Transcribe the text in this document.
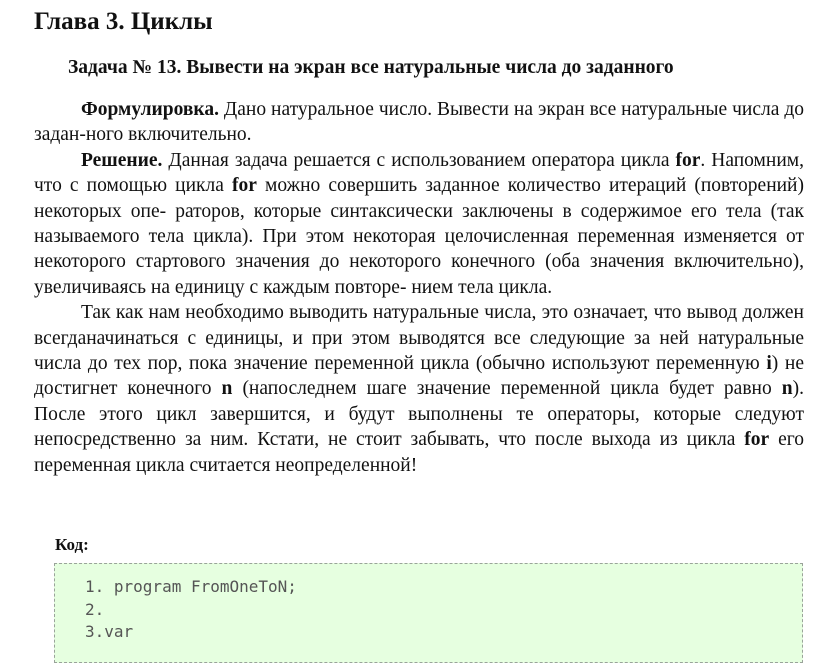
Глава 3. Циклы
Задача № 13. Вывести на экран все натуральные числа до заданного

Формулировка. Дано натуральное число. Вывести на экран все натуральные числа до задан-ного включительно.

Решение. Данная задача решается с использованием оператора цикла for. Напомним, что с помощью цикла for можно совершить заданное количество итераций (повторений) некоторых опе- раторов, которые синтаксически заключены в содержимое его тела (так называемого тела цикла). При этом некоторая целочисленная переменная изменяется от некоторого стартового значения до некоторого конечного (оба значения включительно), увеличиваясь на единицу с каждым повторе- нием тела цикла.

Так как нам необходимо выводить натуральные числа, это означает, что вывод должен всегданачинаться с единицы, и при этом выводятся все следующие за ней натуральные числа до тех пор, пока значение переменной цикла (обычно используют переменную i) не достигнет конечного n (напоследнем шаге значение переменной цикла будет равно n). После этого цикл завершится, и будут выполнены те операторы, которые следуют непосредственно за ним. Кстати, не стоит забывать, что после выхода из цикла for его переменная цикла считается неопределенной!

Код:
1. program FromOneToN;
2.
3.var
